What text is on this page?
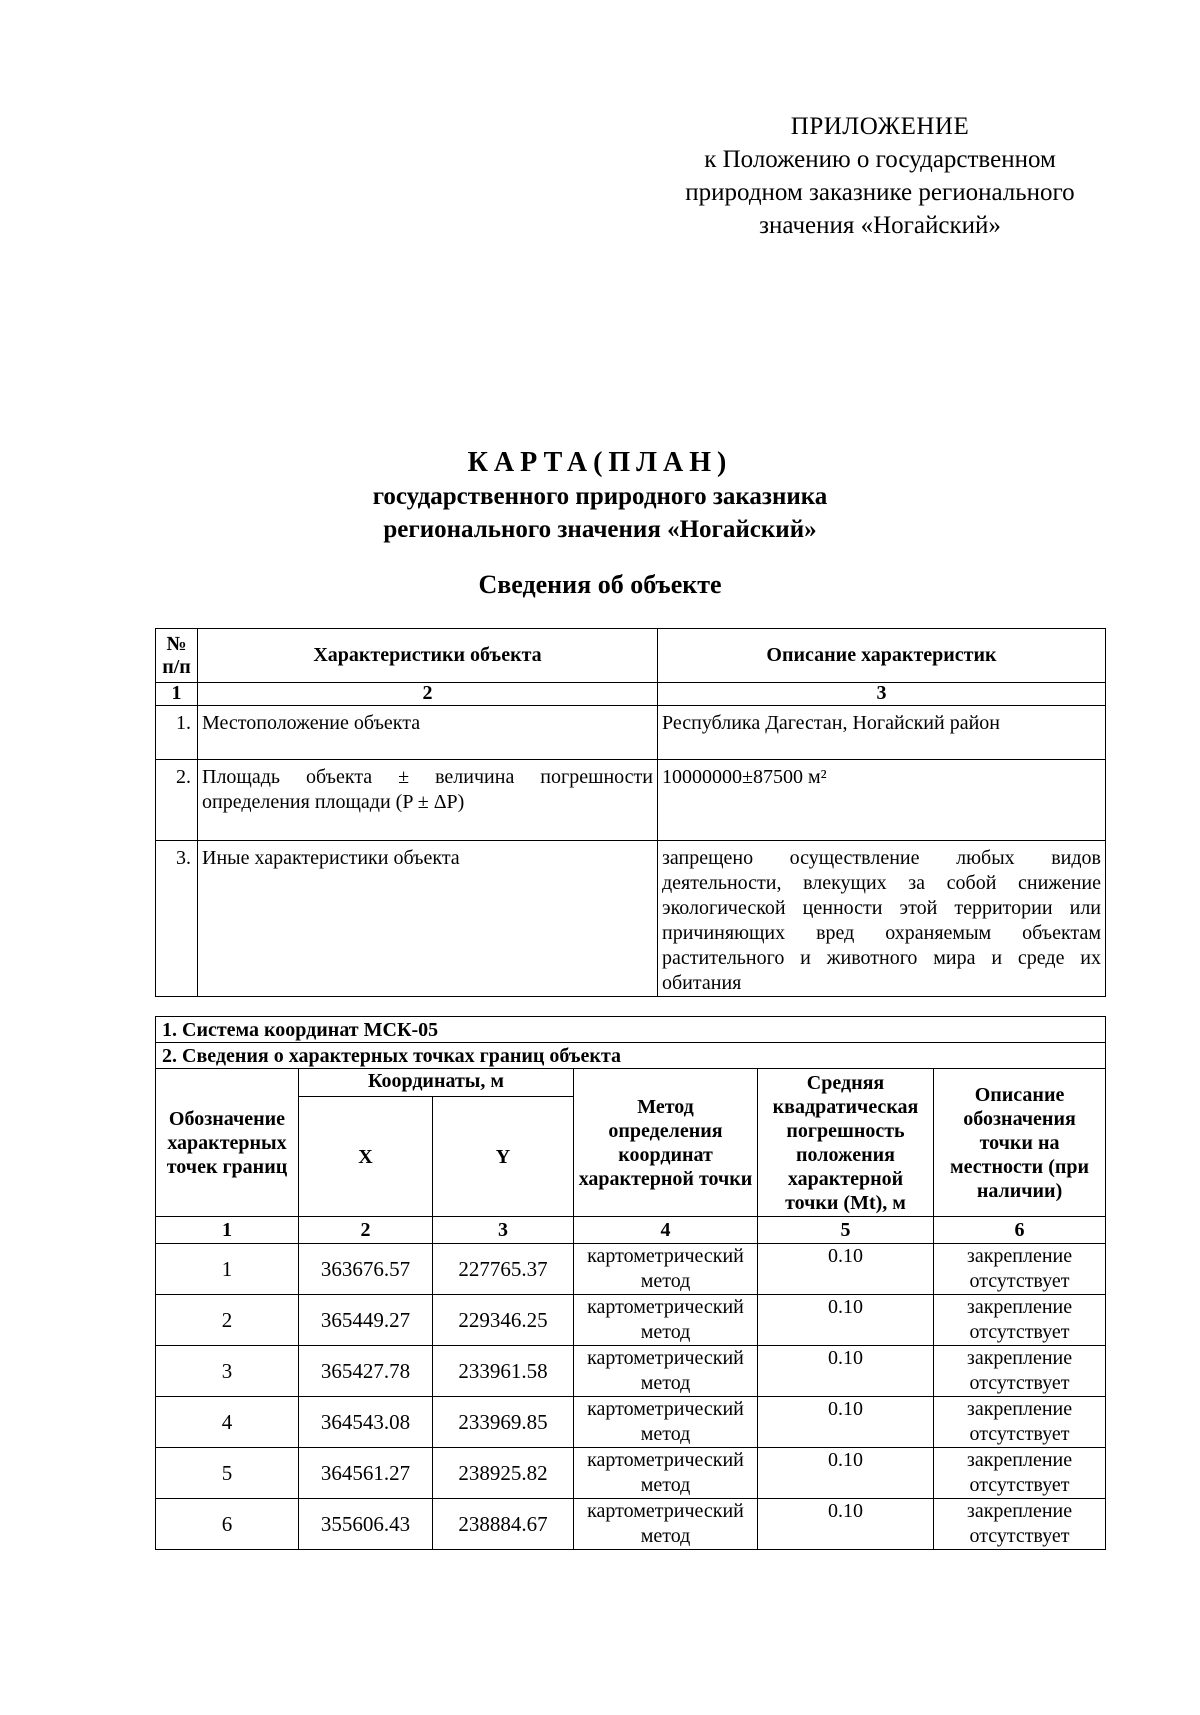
ПРИЛОЖЕНИЕ
к Положению о государственном
природном заказнике регионального
значения «Ногайский»
КАРТА(ПЛАН)
государственного природного заказника
регионального значения «Ногайский»
Сведения об объекте
№ п/п	Характеристики объекта	Описание характеристик
1	2	3
1.	Местоположение объекта	Республика Дагестан, Ногайский район
2.	Площадь объекта ± величина погрешности определения площади (P ± ΔP)	10000000±87500 м²
3.	Иные характеристики объекта	запрещено осуществление любых видов деятельности, влекущих за собой снижение экологической ценности этой территории или причиняющих вред охраняемым объектам растительного и животного мира и среде их обитания
1. Система координат МСК-05					
2. Сведения о характерных точках границ объекта					
Обозначение характерных точек границ	Координаты, м		Метод определения координат характерной точки	Средняя квадратическая погрешность положения характерной точки (Mt), м	Описание обозначения точки на местности (при наличии)
	X	Y			
1	2	3	4	5	6
1	363676.57	227765.37	картометрический метод	0.10	закрепление отсутствует
2	365449.27	229346.25	картометрический метод	0.10	закрепление отсутствует
3	365427.78	233961.58	картометрический метод	0.10	закрепление отсутствует
4	364543.08	233969.85	картометрический метод	0.10	закрепление отсутствует
5	364561.27	238925.82	картометрический метод	0.10	закрепление отсутствует
6	355606.43	238884.67	картометрический метод	0.10	закрепление отсутствует
